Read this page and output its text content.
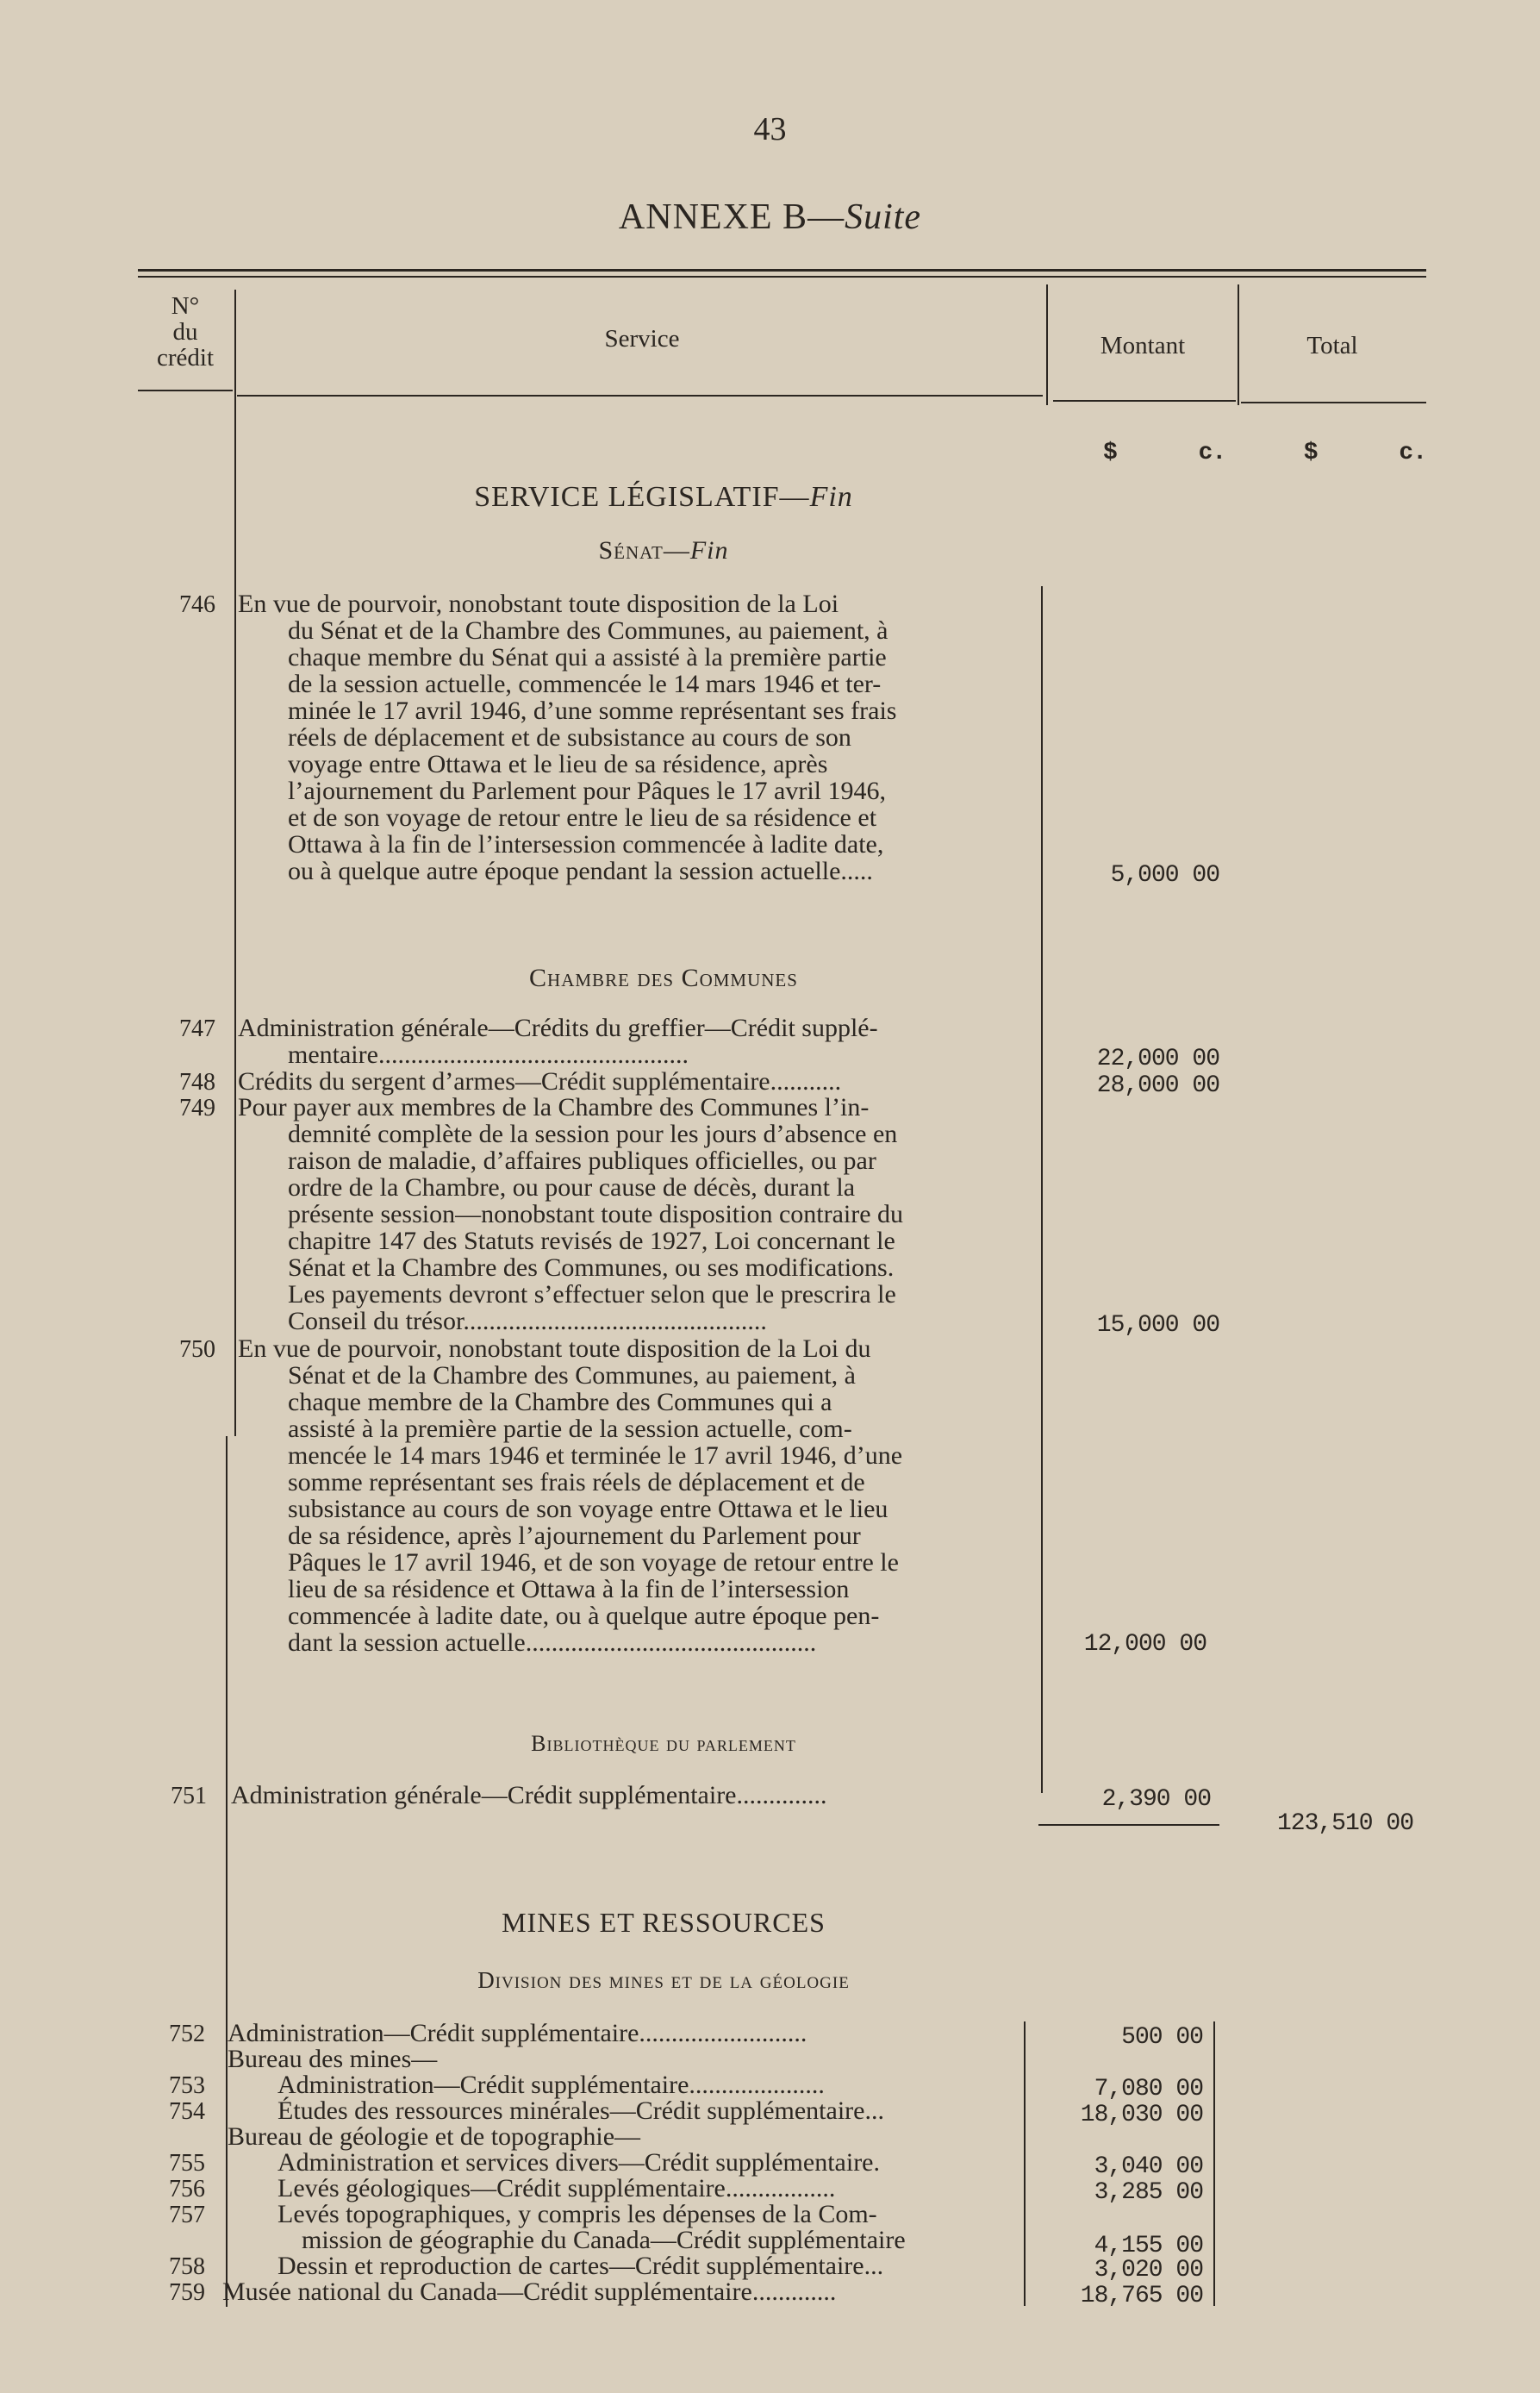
43
ANNEXE B—Suite
N°
du
crédit
Service	Montant	Total
$      c.	$      c.
SERVICE LÉGISLATIF—Fin
Sénat—Fin
746 En vue de pourvoir, nonobstant toute disposition de la Loi
du Sénat et de la Chambre des Communes, au paiement, à
chaque membre du Sénat qui a assisté à la première partie
de la session actuelle, commencée le 14 mars 1946 et ter-
minée le 17 avril 1946, d’une somme représentant ses frais
réels de déplacement et de subsistance au cours de son
voyage entre Ottawa et le lieu de sa résidence, après
l’ajournement du Parlement pour Pâques le 17 avril 1946,
et de son voyage de retour entre le lieu de sa résidence et
Ottawa à la fin de l’intersession commencée à ladite date,
ou à quelque autre époque pendant la session actuelle.....	5,000 00
Chambre des Communes
747 Administration générale—Crédits du greffier—Crédit supplé-
mentaire................................................	22,000 00
748 Crédits du sergent d’armes—Crédit supplémentaire...........	28,000 00
749 Pour payer aux membres de la Chambre des Communes l’in-
demnité complète de la session pour les jours d’absence en
raison de maladie, d’affaires publiques officielles, ou par
ordre de la Chambre, ou pour cause de décès, durant la
présente session—nonobstant toute disposition contraire du
chapitre 147 des Statuts revisés de 1927, Loi concernant le
Sénat et la Chambre des Communes, ou ses modifications.
Les payements devront s’effectuer selon que le prescrira le
Conseil du trésor...............................................	15,000 00
750 En vue de pourvoir, nonobstant toute disposition de la Loi du
Sénat et de la Chambre des Communes, au paiement, à
chaque membre de la Chambre des Communes qui a
assisté à la première partie de la session actuelle, com-
mencée le 14 mars 1946 et terminée le 17 avril 1946, d’une
somme représentant ses frais réels de déplacement et de
subsistance au cours de son voyage entre Ottawa et le lieu
de sa résidence, après l’ajournement du Parlement pour
Pâques le 17 avril 1946, et de son voyage de retour entre le
lieu de sa résidence et Ottawa à la fin de l’intersession
commencée à ladite date, ou à quelque autre époque pen-
dant la session actuelle.............................................	12,000 00
Bibliothèque du parlement
751 Administration générale—Crédit supplémentaire..............	2,390 00
123,510 00
MINES ET RESSOURCES
Division des mines et de la géologie
752 Administration—Crédit supplémentaire..........................	500 00
Bureau des mines—
753	Administration—Crédit supplémentaire.....................	7,080 00
754	Études des ressources minérales—Crédit supplémentaire...	18,030 00
Bureau de géologie et de topographie—
755	Administration et services divers—Crédit supplémentaire.	3,040 00
756	Levés géologiques—Crédit supplémentaire.................	3,285 00
757	Levés topographiques, y compris les dépenses de la Com-
mission de géographie du Canada—Crédit supplémentaire	4,155 00
758	Dessin et reproduction de cartes—Crédit supplémentaire...	3,020 00
759 Musée national du Canada—Crédit supplémentaire.............	18,765 00
